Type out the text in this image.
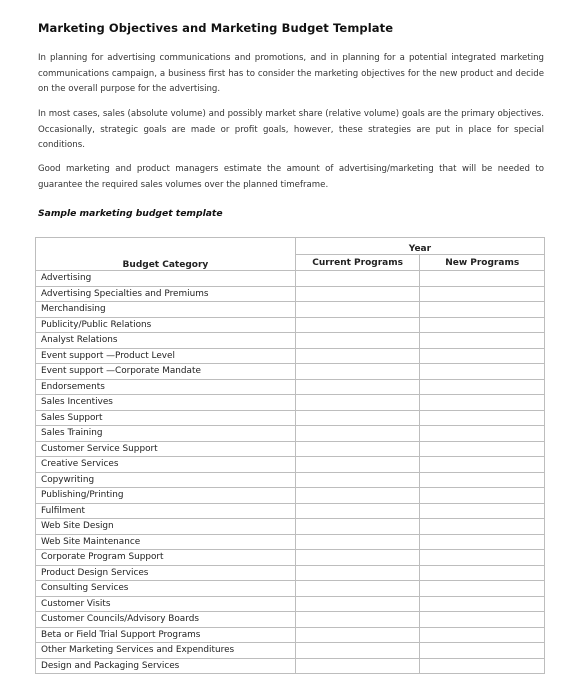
Marketing Objectives and Marketing Budget Template
In planning for advertising communications and promotions, and in planning for a potential integrated marketing communications campaign, a business first has to consider the marketing objectives for the new product and decide on the overall purpose for the advertising.
In most cases, sales (absolute volume) and possibly market share (relative volume) goals are the primary objectives. Occasionally, strategic goals are made or profit goals, however, these strategies are put in place for special conditions.
Good marketing and product managers estimate the amount of advertising/marketing that will be needed to guarantee the required sales volumes over the planned timeframe.
Sample marketing budget template
Budget Category	Year	
	Current Programs	New Programs
Advertising		
Advertising Specialties and Premiums		
Merchandising		
Publicity/Public Relations		
Analyst Relations		
Event support —Product Level		
Event support —Corporate Mandate		
Endorsements		
Sales Incentives		
Sales Support		
Sales Training		
Customer Service Support		
Creative Services		
Copywriting		
Publishing/Printing		
Fulfilment		
Web Site Design		
Web Site Maintenance		
Corporate Program Support		
Product Design Services		
Consulting Services		
Customer Visits		
Customer Councils/Advisory Boards		
Beta or Field Trial Support Programs		
Other Marketing Services and Expenditures		
Design and Packaging Services		
